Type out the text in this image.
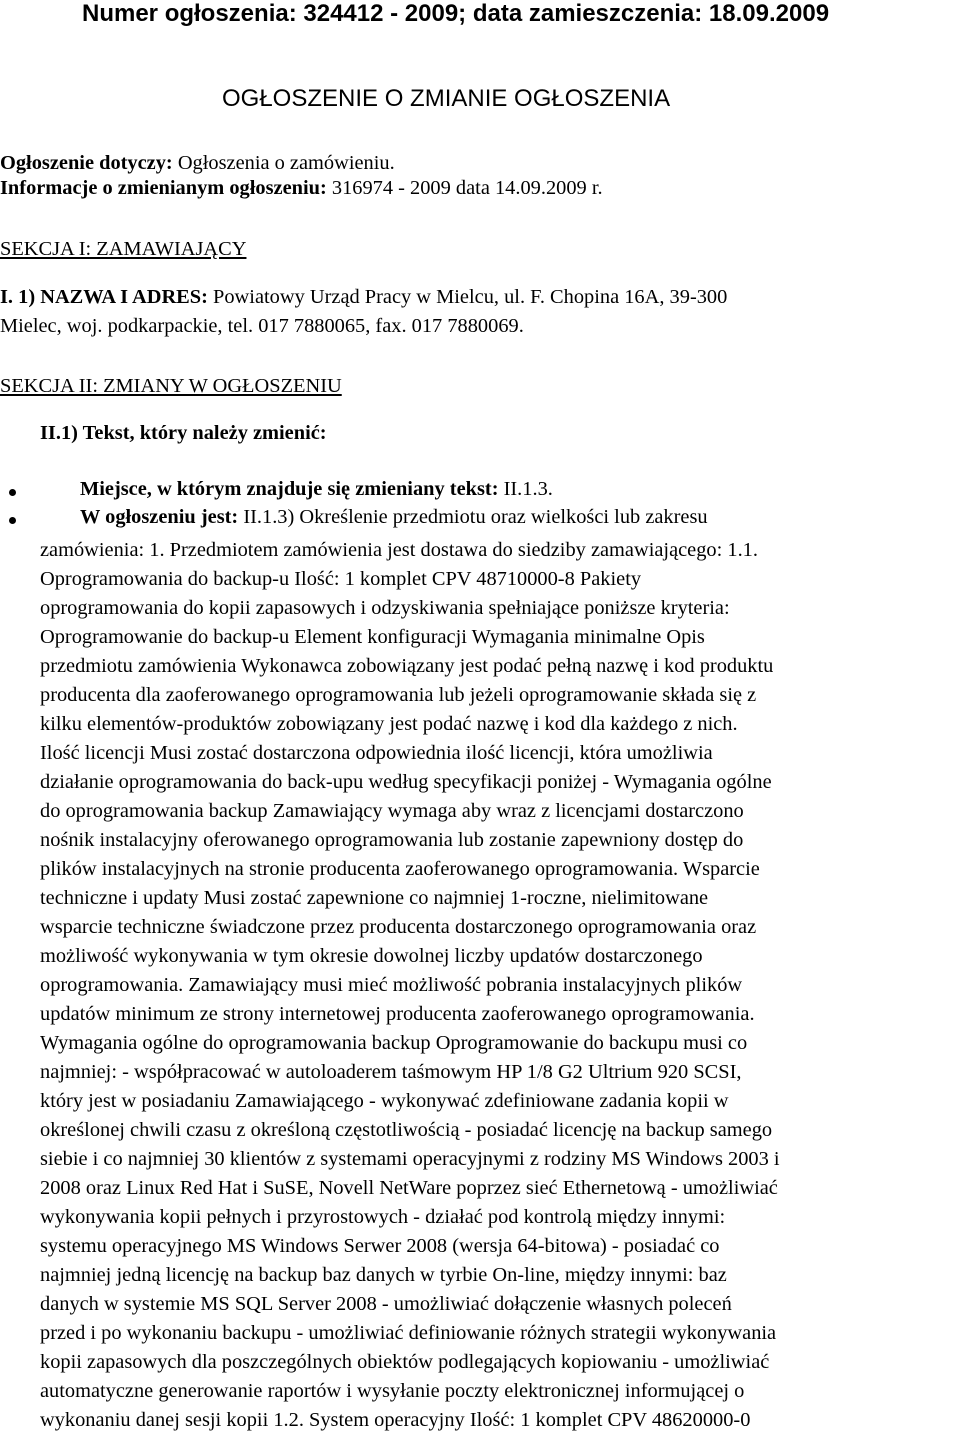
Numer ogłoszenia: 324412 - 2009; data zamieszczenia: 18.09.2009
OGŁOSZENIE O ZMIANIE OGŁOSZENIA
Ogłoszenie dotyczy: Ogłoszenia o zamówieniu.
Informacje o zmienianym ogłoszeniu: 316974 - 2009 data 14.09.2009 r.
SEKCJA I: ZAMAWIAJĄCY
I. 1) NAZWA I ADRES: Powiatowy Urząd Pracy w Mielcu, ul. F. Chopina 16A, 39-300
Mielec, woj. podkarpackie, tel. 017 7880065, fax. 017 7880069.
SEKCJA II: ZMIANY W OGŁOSZENIU
II.1) Tekst, który należy zmienić:
Miejsce, w którym znajduje się zmieniany tekst: II.1.3.
W ogłoszeniu jest: II.1.3) Określenie przedmiotu oraz wielkości lub zakresu
zamówienia: 1. Przedmiotem zamówienia jest dostawa do siedziby zamawiającego: 1.1.
Oprogramowania do backup-u Ilość: 1 komplet CPV 48710000-8 Pakiety
oprogramowania do kopii zapasowych i odzyskiwania spełniające poniższe kryteria:
Oprogramowanie do backup-u Element konfiguracji Wymagania minimalne Opis
przedmiotu zamówienia Wykonawca zobowiązany jest podać pełną nazwę i kod produktu
producenta dla zaoferowanego oprogramowania lub jeżeli oprogramowanie składa się z
kilku elementów-produktów zobowiązany jest podać nazwę i kod dla każdego z nich.
Ilość licencji Musi zostać dostarczona odpowiednia ilość licencji, która umożliwia
działanie oprogramowania do back-upu według specyfikacji poniżej - Wymagania ogólne
do oprogramowania backup Zamawiający wymaga aby wraz z licencjami dostarczono
nośnik instalacyjny oferowanego oprogramowania lub zostanie zapewniony dostęp do
plików instalacyjnych na stronie producenta zaoferowanego oprogramowania. Wsparcie
techniczne i updaty Musi zostać zapewnione co najmniej 1-roczne, nielimitowane
wsparcie techniczne świadczone przez producenta dostarczonego oprogramowania oraz
możliwość wykonywania w tym okresie dowolnej liczby updatów dostarczonego
oprogramowania. Zamawiający musi mieć możliwość pobrania instalacyjnych plików
updatów minimum ze strony internetowej producenta zaoferowanego oprogramowania.
Wymagania ogólne do oprogramowania backup Oprogramowanie do backupu musi co
najmniej: - współpracować w autoloaderem taśmowym HP 1/8 G2 Ultrium 920 SCSI,
który jest w posiadaniu Zamawiającego - wykonywać zdefiniowane zadania kopii w
określonej chwili czasu z określoną częstotliwością - posiadać licencję na backup samego
siebie i co najmniej 30 klientów z systemami operacyjnymi z rodziny MS Windows 2003 i
2008 oraz Linux Red Hat i SuSE, Novell NetWare poprzez sieć Ethernetową - umożliwiać
wykonywania kopii pełnych i przyrostowych - działać pod kontrolą między innymi:
systemu operacyjnego MS Windows Serwer 2008 (wersja 64-bitowa) - posiadać co
najmniej jedną licencję na backup baz danych w tyrbie On-line, między innymi: baz
danych w systemie MS SQL Server 2008 - umożliwiać dołączenie własnych poleceń
przed i po wykonaniu backupu - umożliwiać definiowanie różnych strategii wykonywania
kopii zapasowych dla poszczególnych obiektów podlegających kopiowaniu - umożliwiać
automatyczne generowanie raportów i wysyłanie poczty elektronicznej informującej o
wykonaniu danej sesji kopii 1.2. System operacyjny Ilość: 1 komplet CPV 48620000-0
